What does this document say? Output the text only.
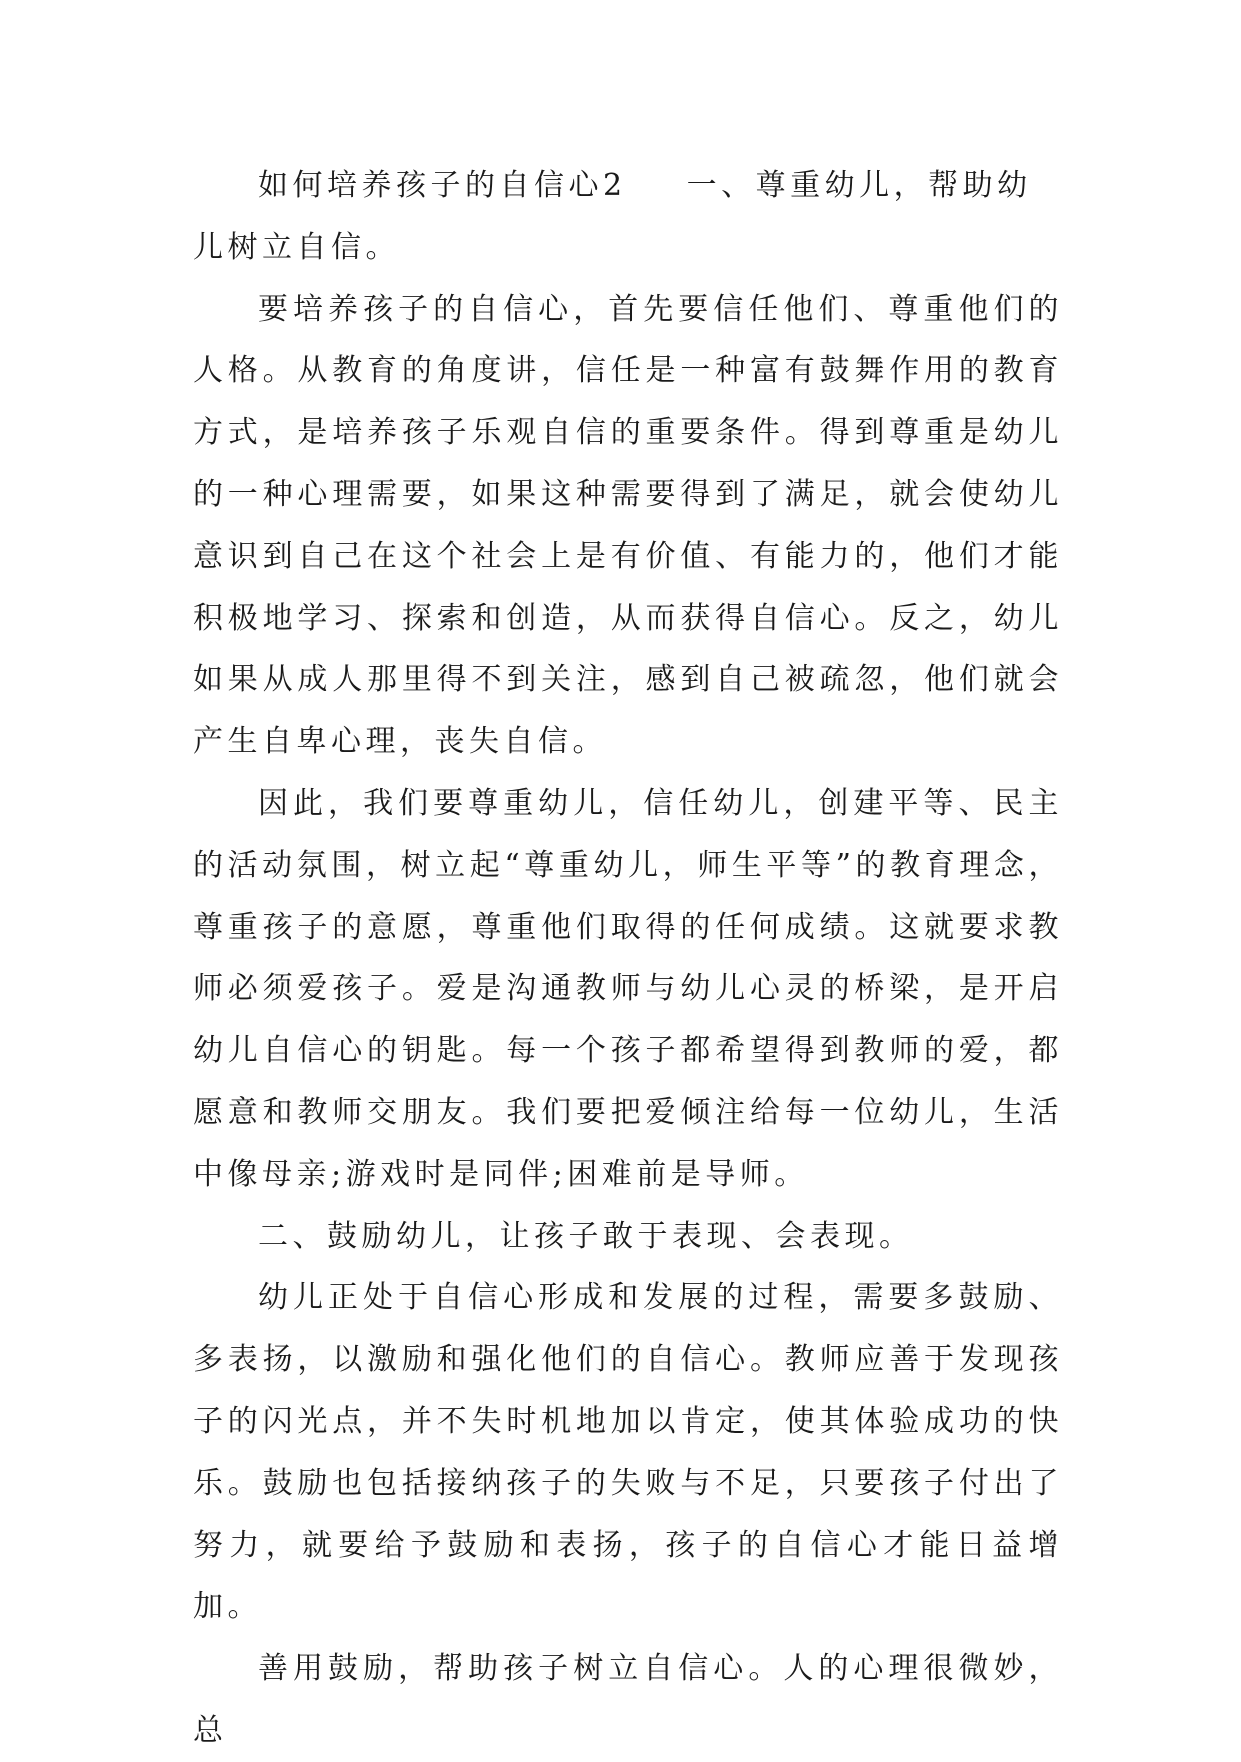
如何培养孩子的自信心2 一、尊重幼儿，帮助幼儿树立自信。

要培养孩子的自信心，首先要信任他们、尊重他们的人格。从教育的角度讲，信任是一种富有鼓舞作用的教育方式，是培养孩子乐观自信的重要条件。得到尊重是幼儿的一种心理需要，如果这种需要得到了满足，就会使幼儿意识到自己在这个社会上是有价值、有能力的，他们才能积极地学习、探索和创造，从而获得自信心。反之，幼儿如果从成人那里得不到关注，感到自己被疏忽，他们就会产生自卑心理，丧失自信。

因此，我们要尊重幼儿，信任幼儿，创建平等、民主的活动氛围，树立起“尊重幼儿，师生平等”的教育理念，尊重孩子的意愿，尊重他们取得的任何成绩。这就要求教师必须爱孩子。爱是沟通教师与幼儿心灵的桥梁，是开启幼儿自信心的钥匙。每一个孩子都希望得到教师的爱，都愿意和教师交朋友。我们要把爱倾注给每一位幼儿，生活中像母亲;游戏时是同伴;困难前是导师。

二、鼓励幼儿，让孩子敢于表现、会表现。

幼儿正处于自信心形成和发展的过程，需要多鼓励、多表扬，以激励和强化他们的自信心。教师应善于发现孩子的闪光点，并不失时机地加以肯定，使其体验成功的快乐。鼓励也包括接纳孩子的失败与不足，只要孩子付出了努力，就要给予鼓励和表扬，孩子的自信心才能日益增加。

善用鼓励，帮助孩子树立自信心。人的心理很微妙，总
